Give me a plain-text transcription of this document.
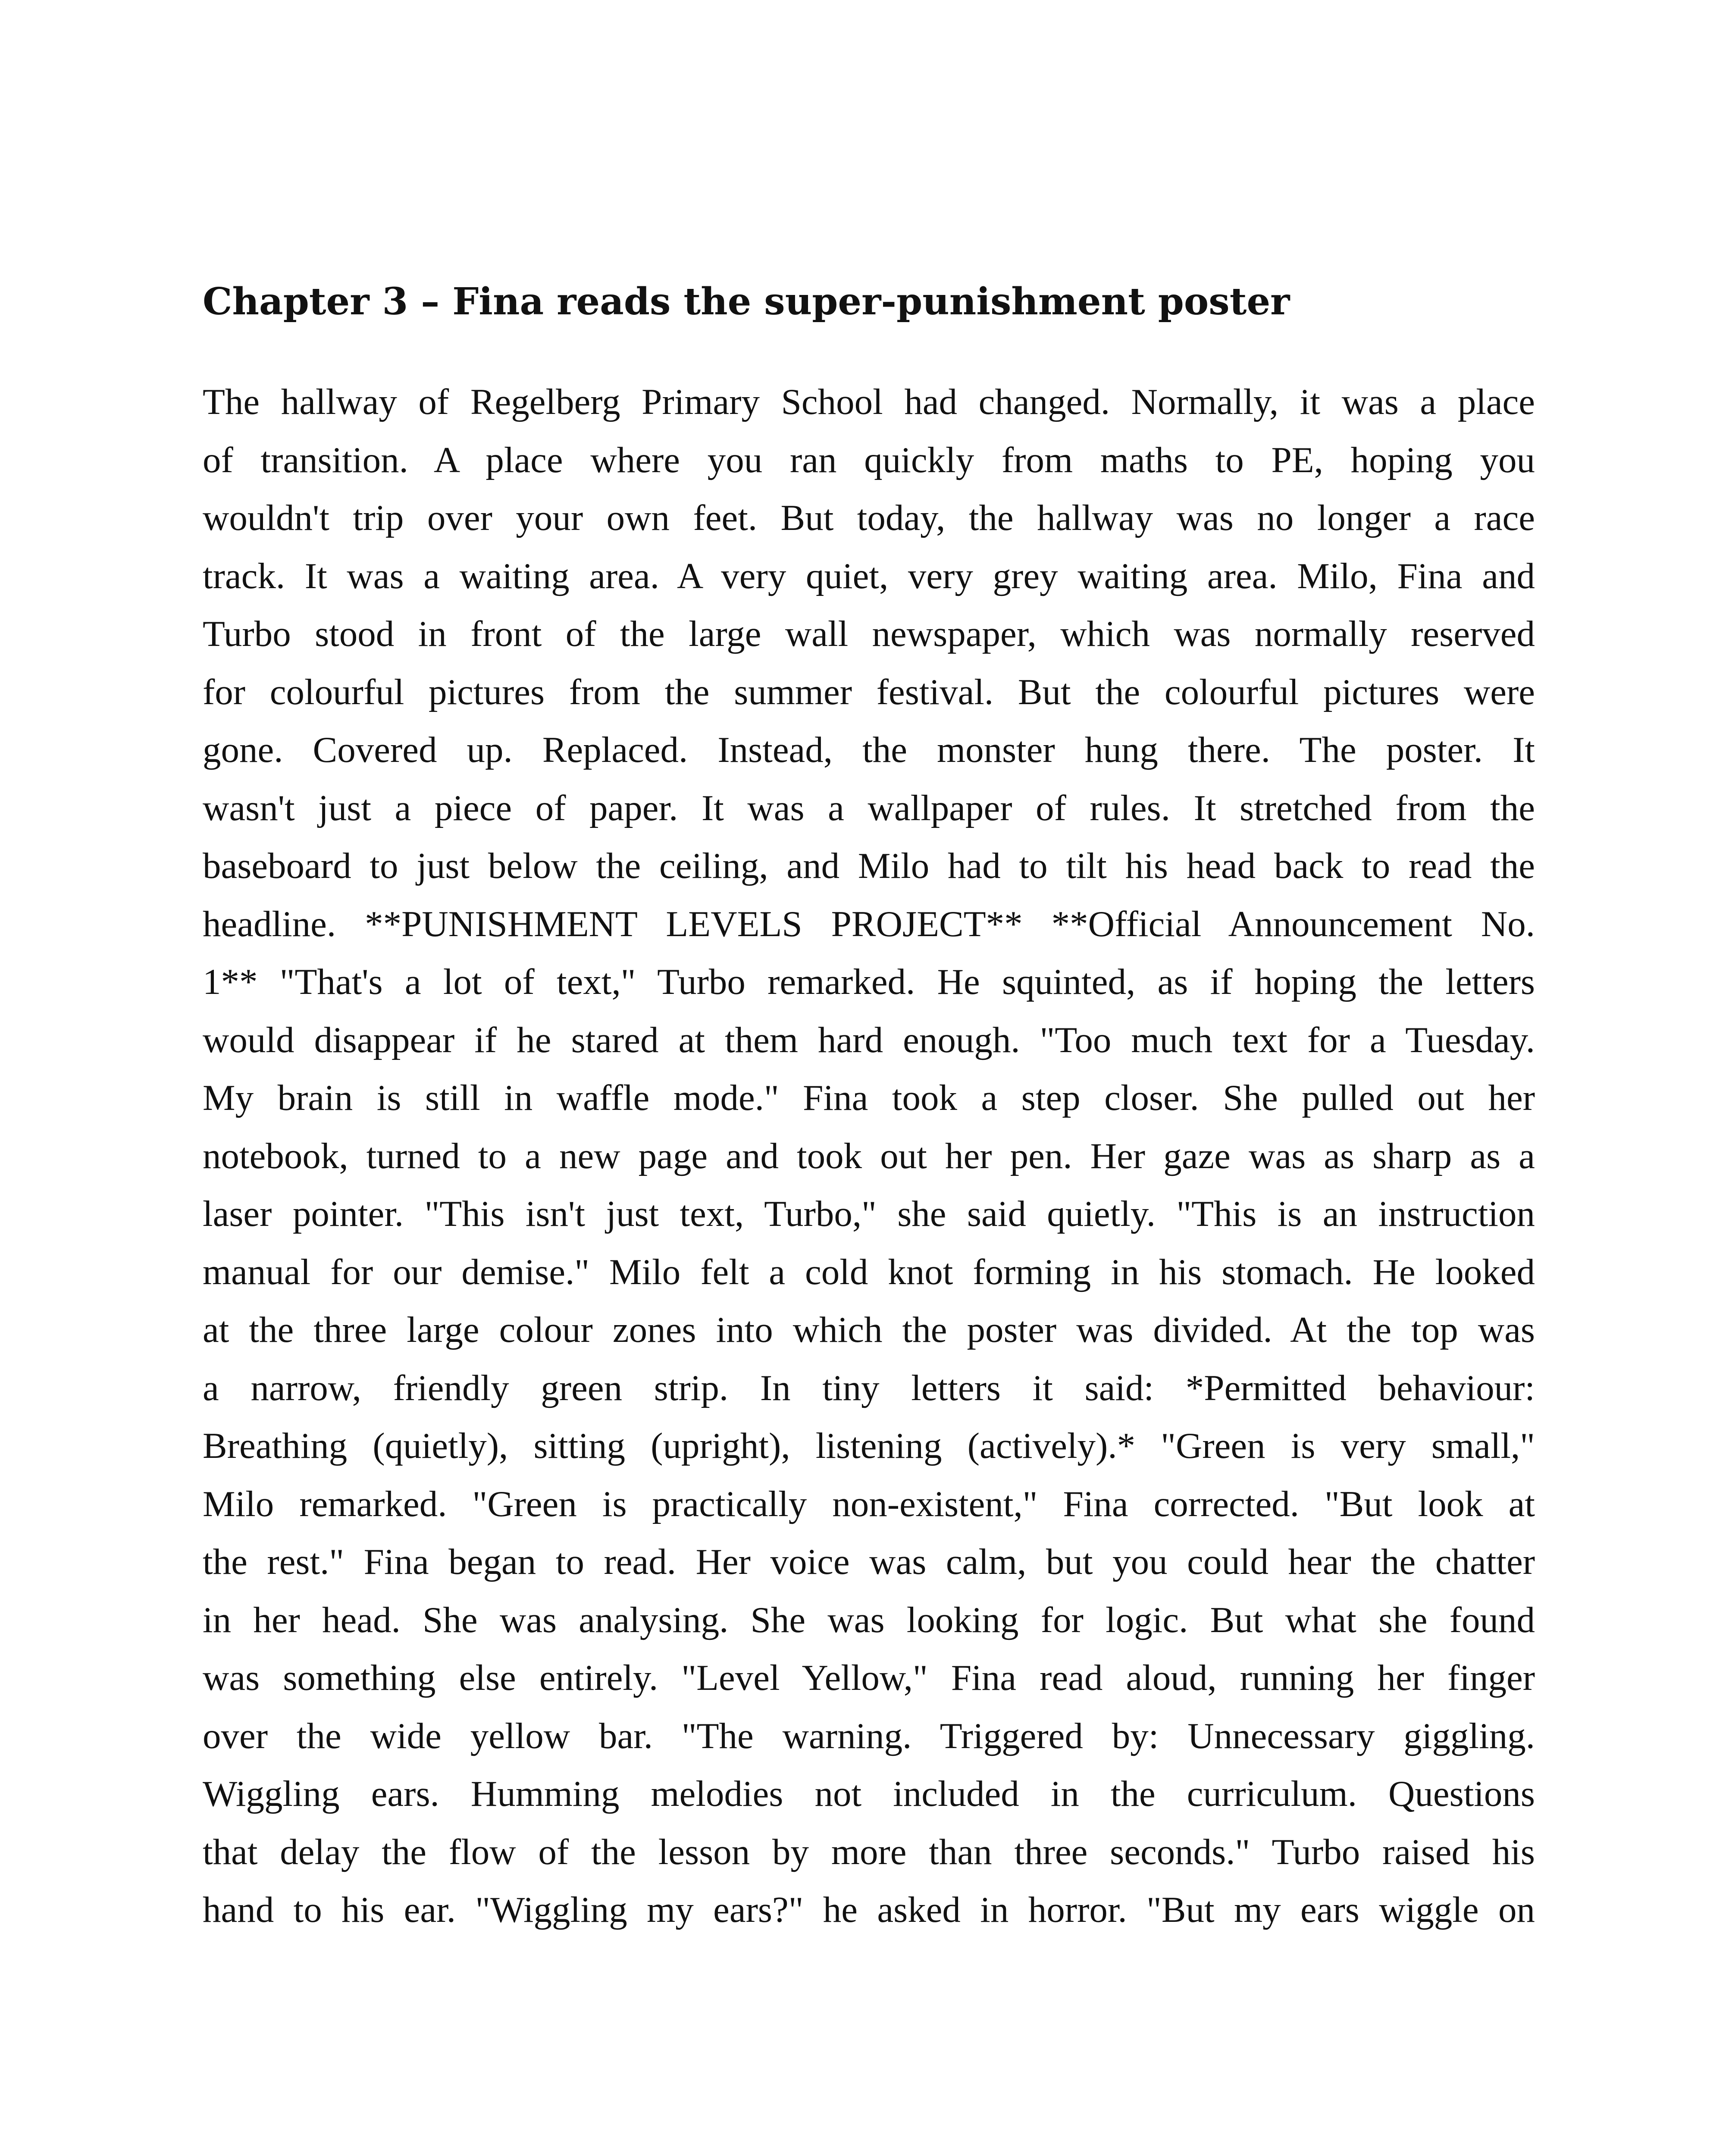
Chapter 3 – Fina reads the super-punishment poster
The hallway of Regelberg Primary School had changed. Normally, it was a place
of transition. A place where you ran quickly from maths to PE, hoping you
wouldn't trip over your own feet. But today, the hallway was no longer a race
track. It was a waiting area. A very quiet, very grey waiting area. Milo, Fina and
Turbo stood in front of the large wall newspaper, which was normally reserved
for colourful pictures from the summer festival. But the colourful pictures were
gone. Covered up. Replaced. Instead, the monster hung there. The poster. It
wasn't just a piece of paper. It was a wallpaper of rules. It stretched from the
baseboard to just below the ceiling, and Milo had to tilt his head back to read the
headline. **PUNISHMENT LEVELS PROJECT** **Official Announcement No.
1** "That's a lot of text," Turbo remarked. He squinted, as if hoping the letters
would disappear if he stared at them hard enough. "Too much text for a Tuesday.
My brain is still in waffle mode." Fina took a step closer. She pulled out her
notebook, turned to a new page and took out her pen. Her gaze was as sharp as a
laser pointer. "This isn't just text, Turbo," she said quietly. "This is an instruction
manual for our demise." Milo felt a cold knot forming in his stomach. He looked
at the three large colour zones into which the poster was divided. At the top was
a narrow, friendly green strip. In tiny letters it said: *Permitted behaviour:
Breathing (quietly), sitting (upright), listening (actively).* "Green is very small,"
Milo remarked. "Green is practically non-existent," Fina corrected. "But look at
the rest." Fina began to read. Her voice was calm, but you could hear the chatter
in her head. She was analysing. She was looking for logic. But what she found
was something else entirely. "Level Yellow," Fina read aloud, running her finger
over the wide yellow bar. "The warning. Triggered by: Unnecessary giggling.
Wiggling ears. Humming melodies not included in the curriculum. Questions
that delay the flow of the lesson by more than three seconds." Turbo raised his
hand to his ear. "Wiggling my ears?" he asked in horror. "But my ears wiggle on
